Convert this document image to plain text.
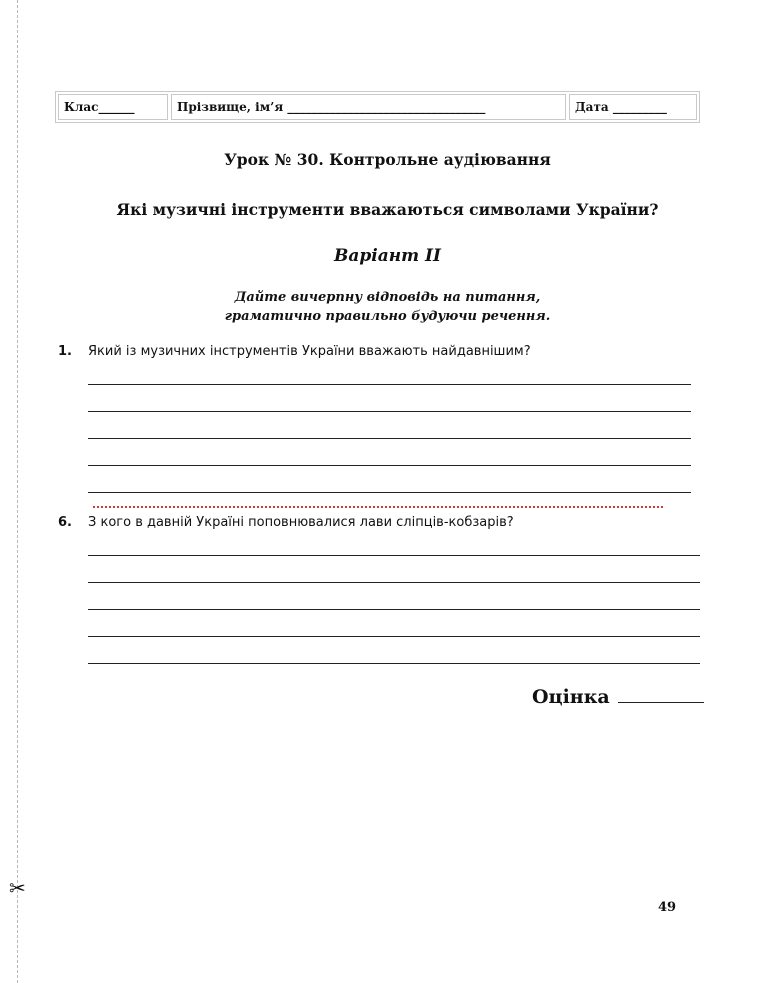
✂
Клас______	Прізвище, ім’я _________________________________	Дата _________
Урок № 30. Контрольне аудіювання
Які музичні інструменти вважаються символами України?
Варіант II
Дайте вичерпну відповідь на питання,
граматично правильно будуючи речення.
1. Який із музичних інструментів України вважають найдавнішим?
6. З кого в давній Україні поповнювалися лави сліпців-кобзарів?
Оцінка
49
